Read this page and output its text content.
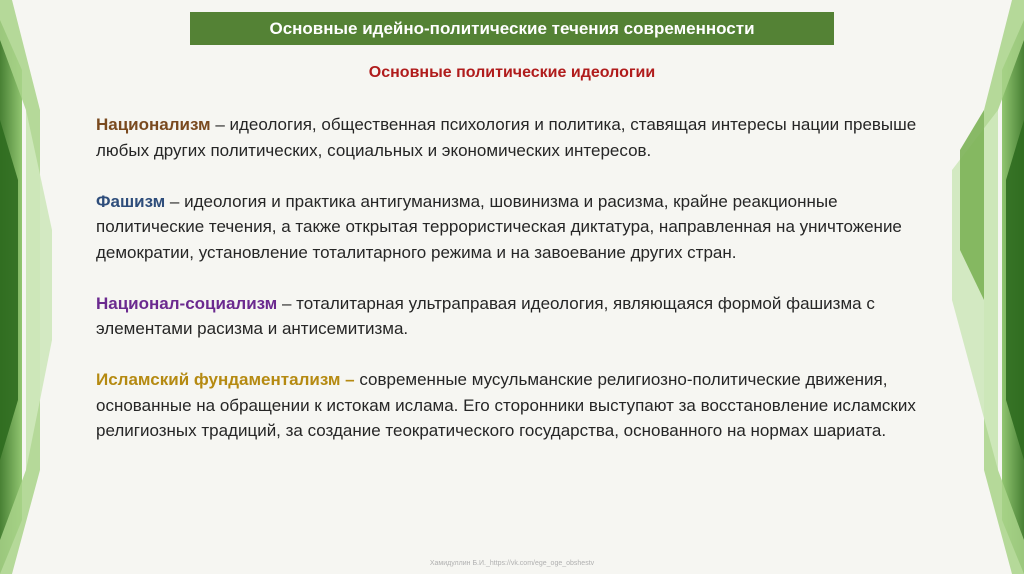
Основные идейно-политические течения современности
Основные политические идеологии

Национализм – идеология, общественная психология и политика, ставящая интересы нации превыше любых других политических, социальных и экономических интересов.

Фашизм – идеология и практика антигуманизма, шовинизма и расизма, крайне реакционные политические течения, а также открытая террористическая диктатура, направленная на уничтожение демократии, установление тоталитарного режима и на завоевание других стран.

Национал-социализм – тоталитарная ультраправая идеология, являющаяся формой фашизма с элементами расизма и антисемитизма.

Исламский фундаментализм – современные мусульманские религиозно-политические движения, основанные на обращении к истокам ислама. Его сторонники выступают за восстановление исламских религиозных традиций, за создание теократического государства, основанного на нормах шариата.

Хамидуллин Б.И._https://vk.com/ege_oge_obshestv
